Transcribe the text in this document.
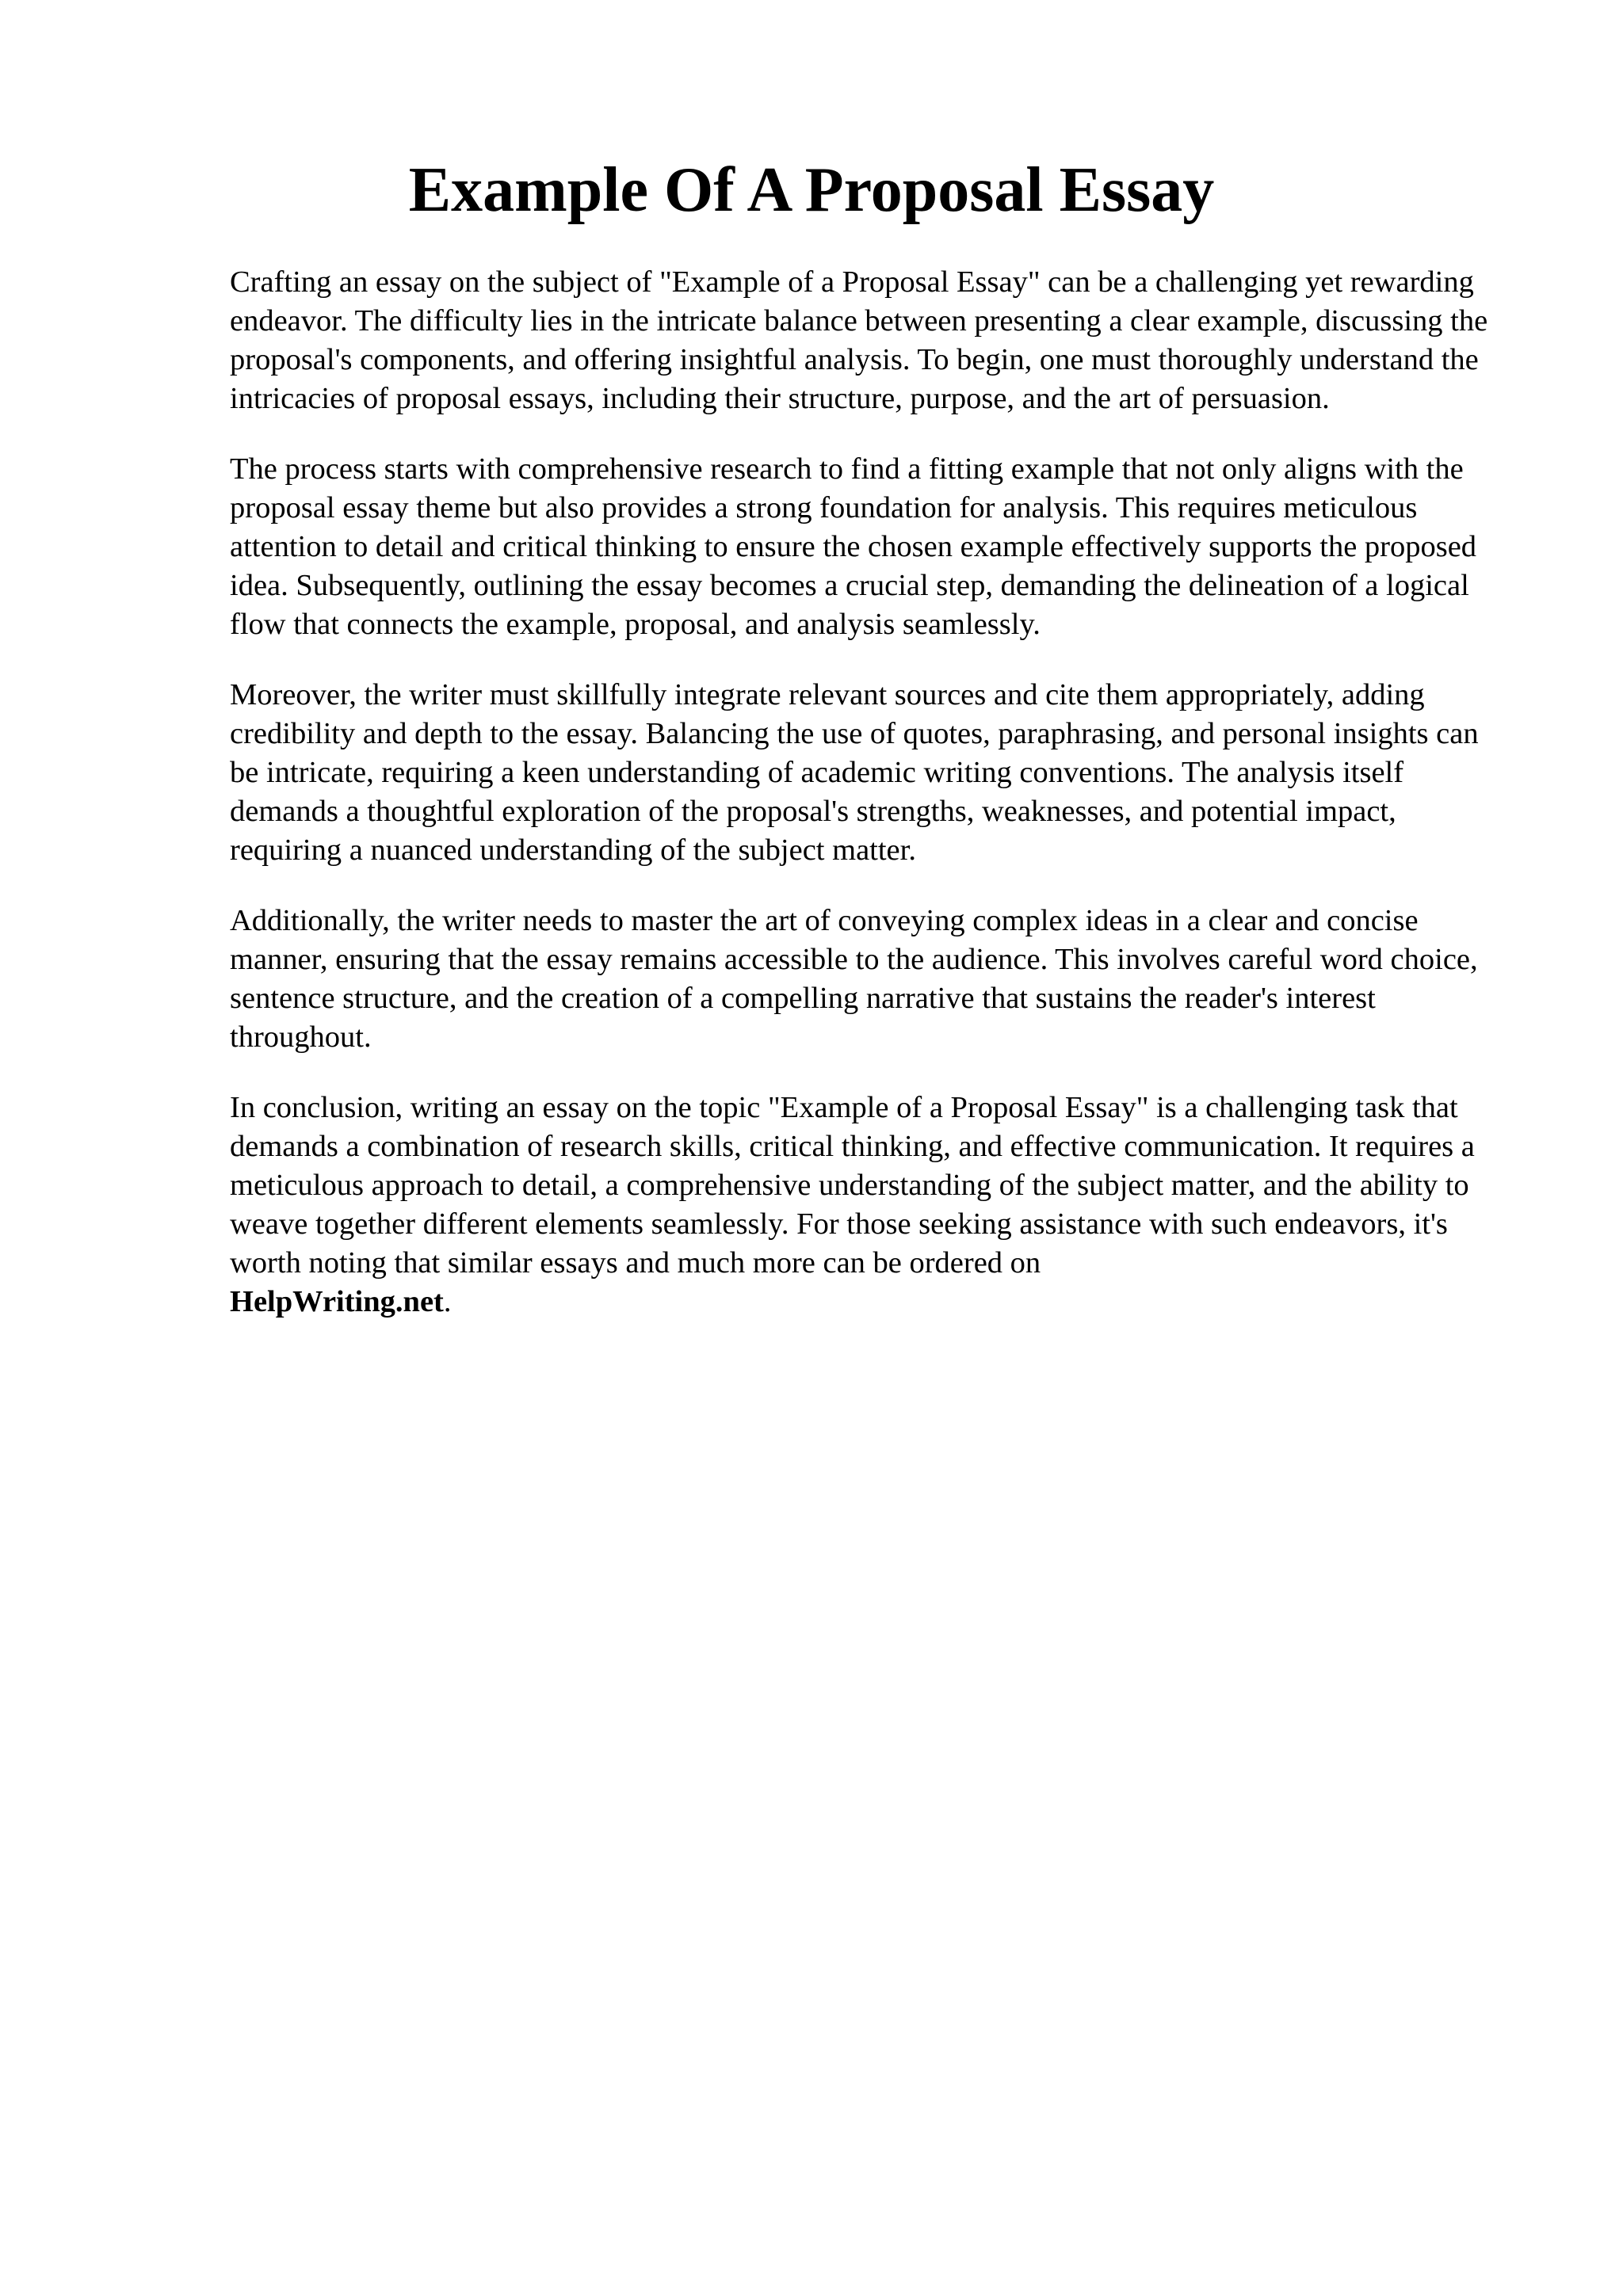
Example Of A Proposal Essay

Crafting an essay on the subject of "Example of a Proposal Essay" can be a challenging yet rewarding endeavor. The difficulty lies in the intricate balance between presenting a clear example, discussing the proposal's components, and offering insightful analysis. To begin, one must thoroughly understand the intricacies of proposal essays, including their structure, purpose, and the art of persuasion.

The process starts with comprehensive research to find a fitting example that not only aligns with the proposal essay theme but also provides a strong foundation for analysis. This requires meticulous attention to detail and critical thinking to ensure the chosen example effectively supports the proposed idea. Subsequently, outlining the essay becomes a crucial step, demanding the delineation of a logical flow that connects the example, proposal, and analysis seamlessly.

Moreover, the writer must skillfully integrate relevant sources and cite them appropriately, adding credibility and depth to the essay. Balancing the use of quotes, paraphrasing, and personal insights can be intricate, requiring a keen understanding of academic writing conventions. The analysis itself demands a thoughtful exploration of the proposal's strengths, weaknesses, and potential impact, requiring a nuanced understanding of the subject matter.

Additionally, the writer needs to master the art of conveying complex ideas in a clear and concise manner, ensuring that the essay remains accessible to the audience. This involves careful word choice, sentence structure, and the creation of a compelling narrative that sustains the reader's interest throughout.

In conclusion, writing an essay on the topic "Example of a Proposal Essay" is a challenging task that demands a combination of research skills, critical thinking, and effective communication. It requires a meticulous approach to detail, a comprehensive understanding of the subject matter, and the ability to weave together different elements seamlessly. For those seeking assistance with such endeavors, it's worth noting that similar essays and much more can be ordered on
HelpWriting.net.
